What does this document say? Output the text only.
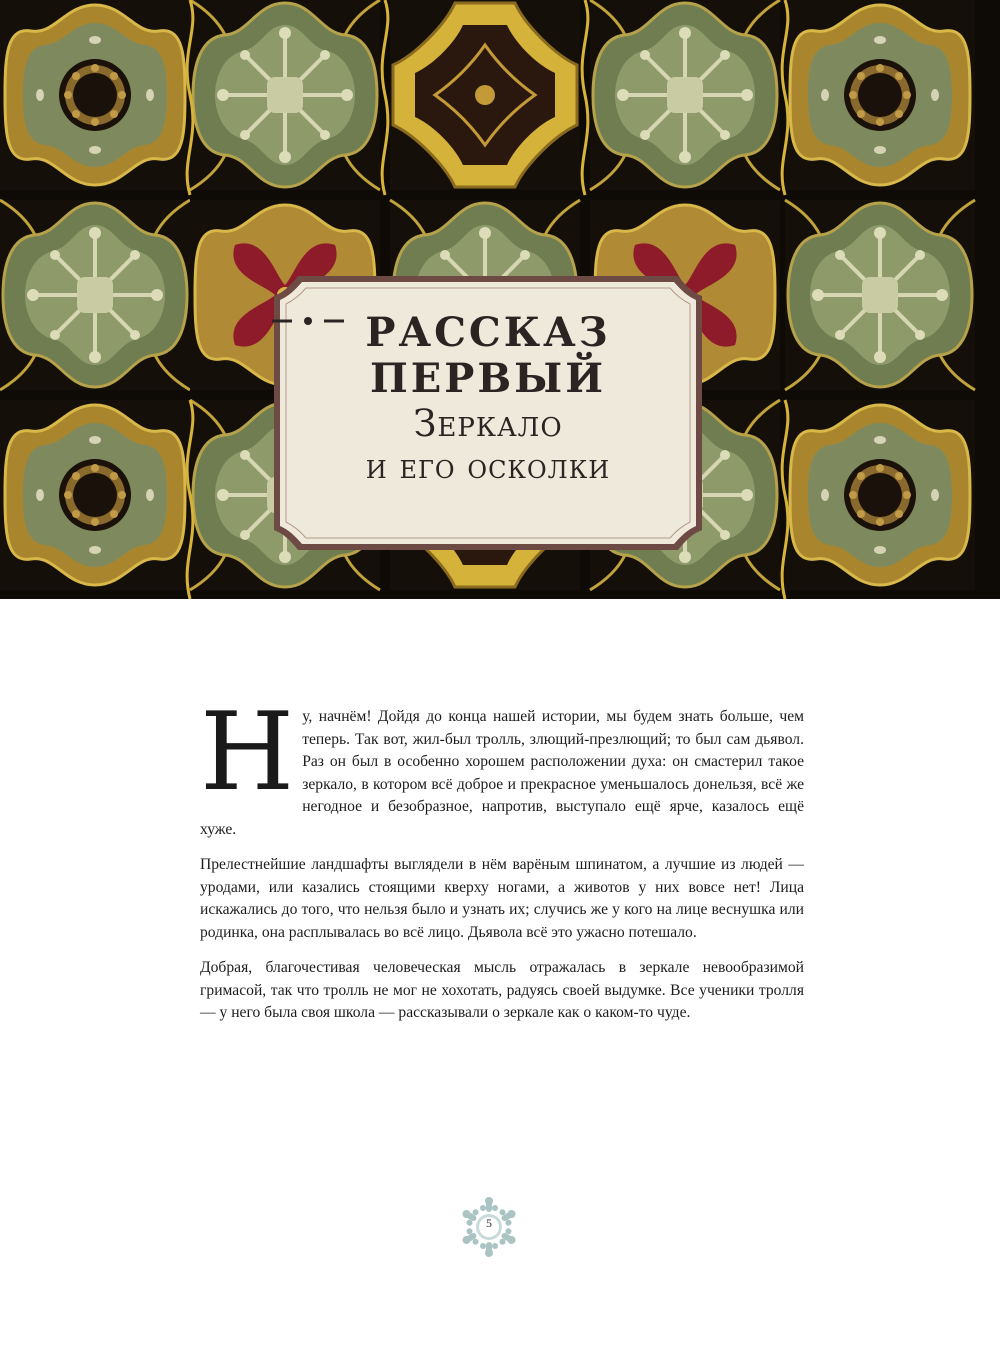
РАССКАЗ
ПЕРВЫЙ
Зеркало
и его осколки

Ну, начнём! Дойдя до конца нашей истории, мы будем знать больше, чем теперь. Так вот, жил-был тролль, злющий-презлющий; то был сам дьявол. Раз он был в особенно хорошем расположении духа: он смастерил такое зеркало, в котором всё доброе и прекрасное уменьшалось донельзя, всё же негодное и безобразное, напротив, выступало ещё ярче, казалось ещё хуже.

Прелестнейшие ландшафты выглядели в нём варёным шпинатом, а лучшие из людей — уродами, или казались стоящими кверху ногами, а животов у них вовсе нет! Лица искажались до того, что нельзя было и узнать их; случись же у кого на лице веснушка или родинка, она расплывалась во всё лицо. Дьявола всё это ужасно потешало.

Добрая, благочестивая человеческая мысль отражалась в зеркале невообразимой гримасой, так что тролль не мог не хохотать, радуясь своей выдумке. Все ученики тролля — у него была своя школа — рассказывали о зеркале как о каком-то чуде.

5
